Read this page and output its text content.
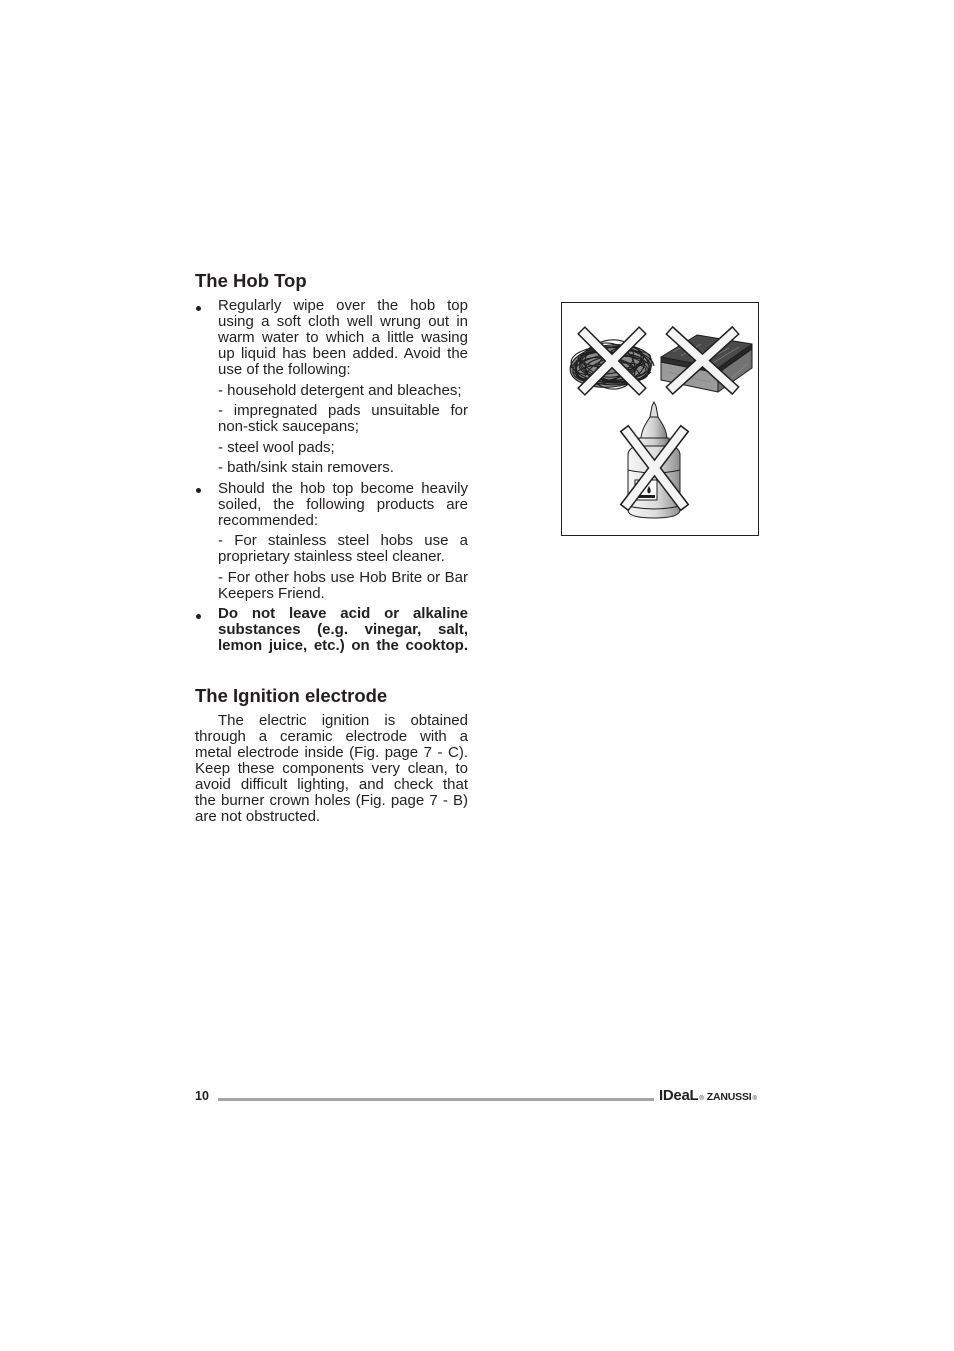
The Hob Top
Regularly wipe over the hob top
using a soft cloth well wrung out in
warm water to which a little wasing
up liquid has been added. Avoid the
use of the following:
- household detergent and bleaches;
- impregnated pads unsuitable for
non-stick saucepans;
- steel wool pads;
- bath/sink stain removers.
Should the hob top become heavily
soiled, the following products are
recommended:
- For stainless steel hobs use a
proprietary stainless steel cleaner.
- For other hobs use Hob Brite or Bar
Keepers Friend.
Do not leave acid or alkaline
substances (e.g. vinegar, salt,
lemon juice, etc.) on the cooktop.
The Ignition electrode
The electric ignition is obtained
through a ceramic electrode with a
metal electrode inside (Fig. page 7 - C).
Keep these components very clean, to
avoid difficult lighting, and check that
the burner crown holes (Fig. page 7 - B)
are not obstructed.
10	IDeaL ® ZANUSSI ®
